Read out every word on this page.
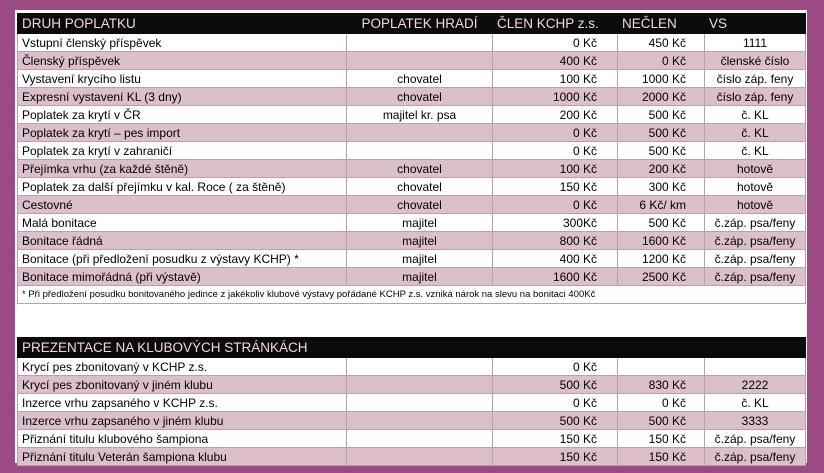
DRUH POPLATKU	POPLATEK HRADÍ	ČLEN KCHP z.s.	NEČLEN	VS
Vstupní členský příspěvek		0 Kč	450 Kč	1111
Členský příspěvek		400 Kč	0 Kč	členské číslo
Vystavení krycího listu	chovatel	100 Kč	1000 Kč	číslo záp. feny
Expresní vystavení KL (3 dny)	chovatel	1000 Kč	2000 Kč	číslo záp. feny
Poplatek za krytí v ČR	majitel kr. psa	200 Kč	500 Kč	č. KL
Poplatek za krytí – pes import		0 Kč	500 Kč	č. KL
Poplatek za krytí v zahraničí		0 Kč	500 Kč	č. KL
Přejímka vrhu (za každé štěně)	chovatel	100 Kč	200 Kč	hotově
Poplatek za další přejímku v kal. Roce ( za štěně)	chovatel	150 Kč	300 Kč	hotově
Cestovné	chovatel	0 Kč	6 Kč/ km	hotově
Malá bonitace	majitel	300Kč	500 Kč	č.záp. psa/feny
Bonitace řádná	majitel	800 Kč	1600 Kč	č.záp. psa/feny
Bonitace (při předložení posudku z výstavy KCHP) *	majitel	400 Kč	1200 Kč	č.záp. psa/feny
Bonitace mimořádná (při výstavě)	majitel	1600 Kč	2500 Kč	č.záp. psa/feny
* Při předložení posudku bonitovaného jedince z jakékoliv klubové výstavy pořádané KCHP z.s. vzniká nárok na slevu na bonitaci 400Kč				
PREZENTACE NA KLUBOVÝCH STRÁNKÁCH				
Krycí pes zbonitovaný v KCHP z.s.		0 Kč		
Krycí pes zbonitovaný v jiném klubu		500 Kč	830 Kč	2222
Inzerce vrhu zapsaného v KCHP z.s.		0 Kč	0 Kč	č. KL
Inzerce vrhu zapsaného v jiném klubu		500 Kč	500 Kč	3333
Přiznání titulu klubového šampiona		150 Kč	150 Kč	č.záp. psa/feny
Přiznání titulu Veterán šampiona klubu		150 Kč	150 Kč	č.záp. psa/feny
